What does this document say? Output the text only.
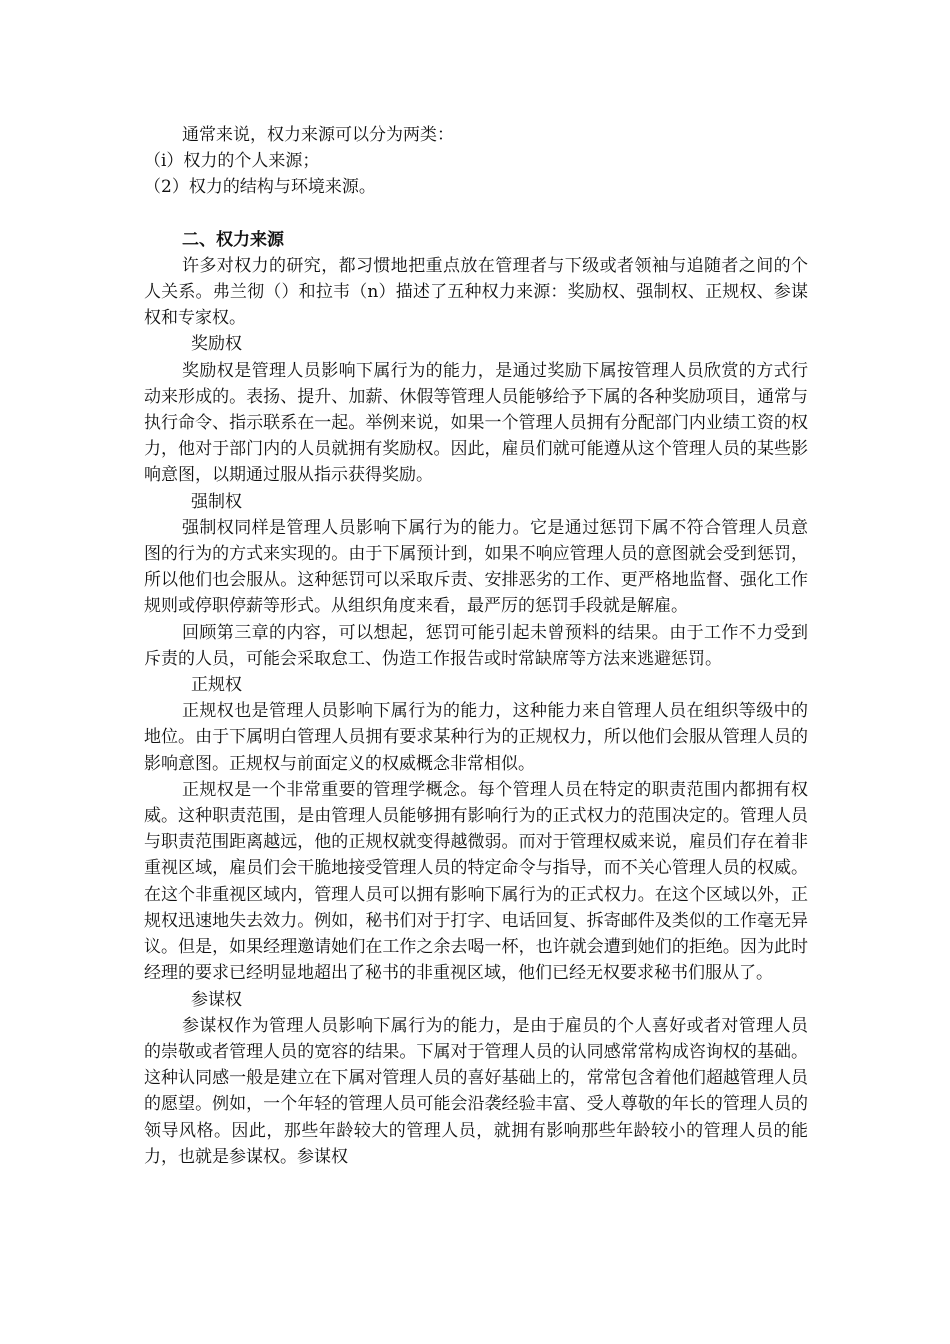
通常来说，权力来源可以分为两类：

（i）权力的个人来源；

（2）权力的结构与环境来源。

二、权力来源

许多对权力的研究，都习惯地把重点放在管理者与下级或者领袖与追随者之间的个人关系。弗兰彻（）和拉韦（n）描述了五种权力来源：奖励权、强制权、正规权、参谋权和专家权。

奖励权

奖励权是管理人员影响下属行为的能力，是通过奖励下属按管理人员欣赏的方式行动来形成的。表扬、提升、加薪、休假等管理人员能够给予下属的各种奖励项目，通常与执行命令、指示联系在一起。举例来说，如果一个管理人员拥有分配部门内业绩工资的权力，他对于部门内的人员就拥有奖励权。因此，雇员们就可能遵从这个管理人员的某些影响意图，以期通过服从指示获得奖励。

强制权

强制权同样是管理人员影响下属行为的能力。它是通过惩罚下属不符合管理人员意图的行为的方式来实现的。由于下属预计到，如果不响应管理人员的意图就会受到惩罚，所以他们也会服从。这种惩罚可以采取斥责、安排恶劣的工作、更严格地监督、强化工作规则或停职停薪等形式。从组织角度来看，最严厉的惩罚手段就是解雇。

回顾第三章的内容，可以想起，惩罚可能引起未曾预料的结果。由于工作不力受到斥责的人员，可能会采取怠工、伪造工作报告或时常缺席等方法来逃避惩罚。

正规权

正规权也是管理人员影响下属行为的能力，这种能力来自管理人员在组织等级中的地位。由于下属明白管理人员拥有要求某种行为的正规权力，所以他们会服从管理人员的影响意图。正规权与前面定义的权威概念非常相似。

正规权是一个非常重要的管理学概念。每个管理人员在特定的职责范围内都拥有权威。这种职责范围，是由管理人员能够拥有影响行为的正式权力的范围决定的。管理人员与职责范围距离越远，他的正规权就变得越微弱。而对于管理权威来说，雇员们存在着非重视区域，雇员们会干脆地接受管理人员的特定命令与指导，而不关心管理人员的权威。在这个非重视区域内，管理人员可以拥有影响下属行为的正式权力。在这个区域以外，正规权迅速地失去效力。例如，秘书们对于打字、电话回复、拆寄邮件及类似的工作毫无异议。但是，如果经理邀请她们在工作之余去喝一杯，也许就会遭到她们的拒绝。因为此时经理的要求已经明显地超出了秘书的非重视区域，他们已经无权要求秘书们服从了。

参谋权

参谋权作为管理人员影响下属行为的能力，是由于雇员的个人喜好或者对管理人员的崇敬或者管理人员的宽容的结果。下属对于管理人员的认同感常常构成咨询权的基础。这种认同感一般是建立在下属对管理人员的喜好基础上的，常常包含着他们超越管理人员的愿望。例如，一个年轻的管理人员可能会沿袭经验丰富、受人尊敬的年长的管理人员的领导风格。因此，那些年龄较大的管理人员，就拥有影响那些年龄较小的管理人员的能力，也就是参谋权。参谋权
